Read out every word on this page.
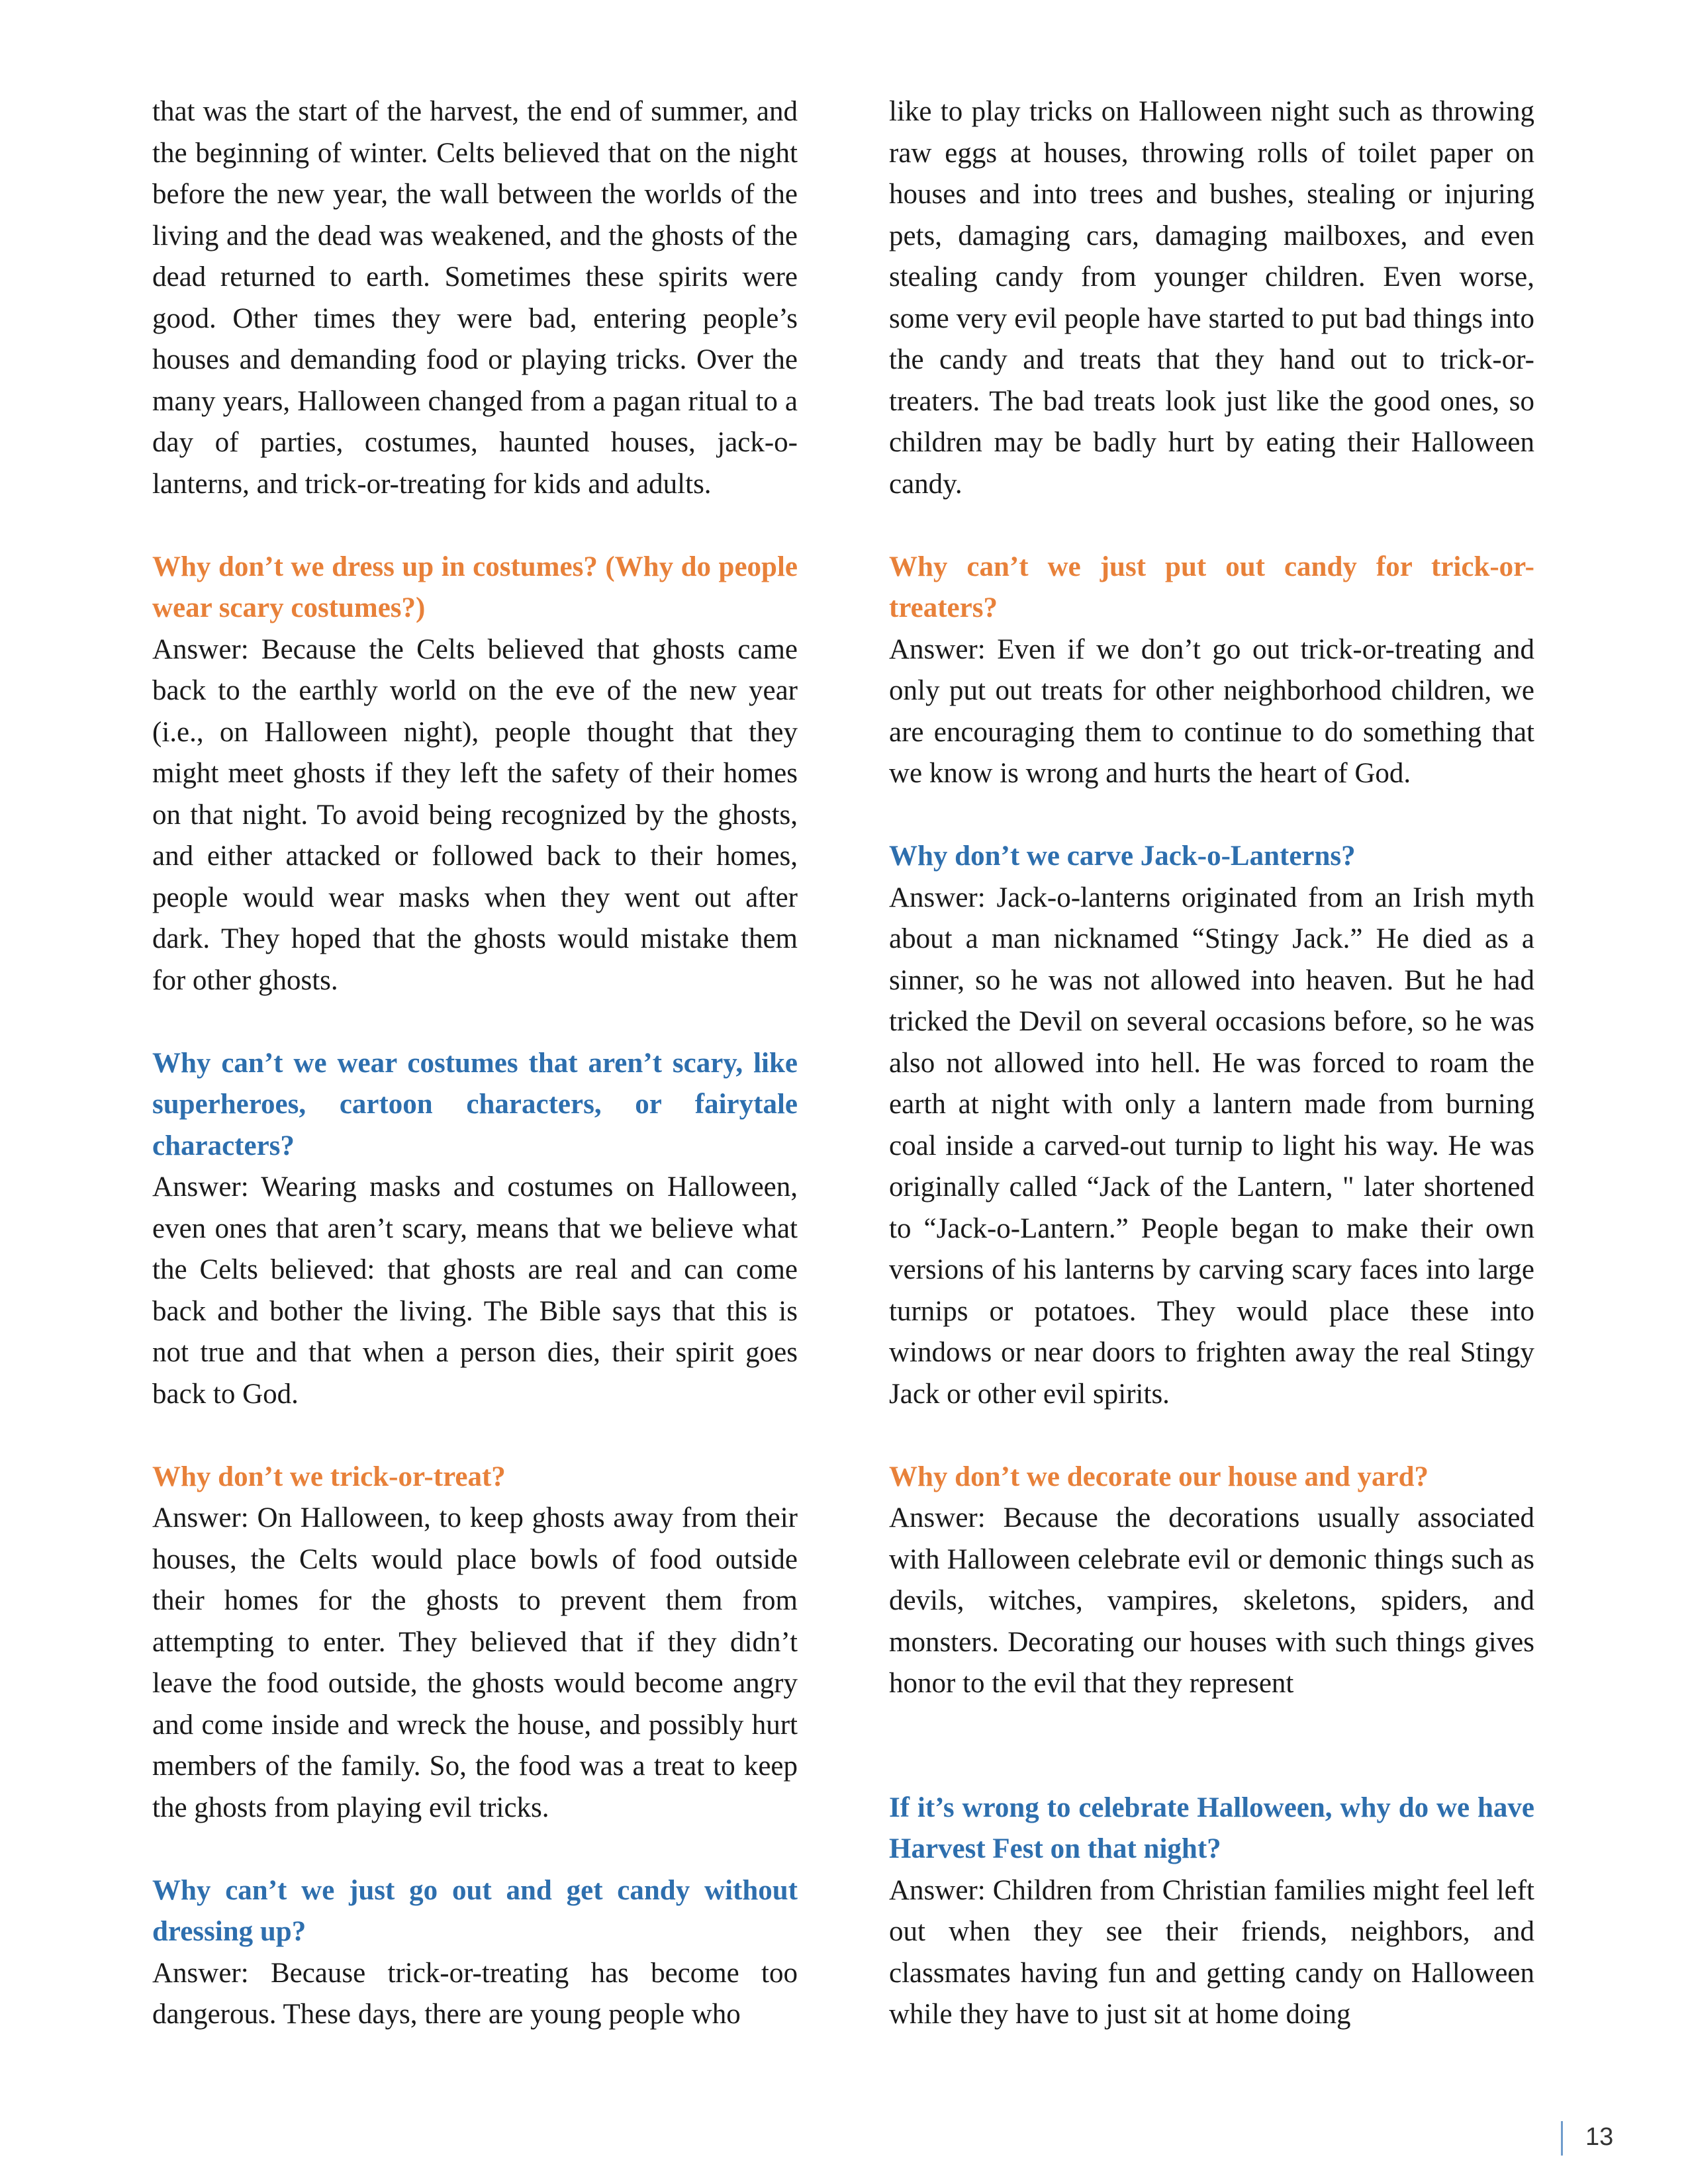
that was the start of the harvest, the end of summer, and the beginning of winter. Celts believed that on the night before the new year, the wall between the worlds of the living and the dead was weakened, and the ghosts of the dead returned to earth. Sometimes these spirits were good. Other times they were bad, entering people’s houses and demanding food or playing tricks. Over the many years, Halloween changed from a pagan ritual to a day of parties, costumes, haunted houses, jack-o-lanterns, and trick-or-treating for kids and adults.

Why don’t we dress up in costumes? (Why do people wear scary costumes?)

Answer: Because the Celts believed that ghosts came back to the earthly world on the eve of the new year (i.e., on Halloween night), people thought that they might meet ghosts if they left the safety of their homes on that night. To avoid being recognized by the ghosts, and either attacked or followed back to their homes, people would wear masks when they went out after dark. They hoped that the ghosts would mistake them for other ghosts.

Why can’t we wear costumes that aren’t scary, like superheroes, cartoon characters, or fairytale characters?

Answer: Wearing masks and costumes on Halloween, even ones that aren’t scary, means that we believe what the Celts believed: that ghosts are real and can come back and bother the living. The Bible says that this is not true and that when a person dies, their spirit goes back to God.

Why don’t we trick-or-treat?

Answer: On Halloween, to keep ghosts away from their houses, the Celts would place bowls of food outside their homes for the ghosts to prevent them from attempting to enter. They believed that if they didn’t leave the food outside, the ghosts would become angry and come inside and wreck the house, and possibly hurt members of the family. So, the food was a treat to keep the ghosts from playing evil tricks.

Why can’t we just go out and get candy without dressing up?

Answer: Because trick-or-treating has become too dangerous. These days, there are young people who

like to play tricks on Halloween night such as throwing raw eggs at houses, throwing rolls of toilet paper on houses and into trees and bushes, stealing or injuring pets, damaging cars, damaging mailboxes, and even stealing candy from younger children. Even worse, some very evil people have started to put bad things into the candy and treats that they hand out to trick-or-treaters. The bad treats look just like the good ones, so children may be badly hurt by eating their Halloween candy.

Why can’t we just put out candy for trick-or-treaters?

Answer: Even if we don’t go out trick-or-treating and only put out treats for other neighborhood children, we are encouraging them to continue to do something that we know is wrong and hurts the heart of God.

Why don’t we carve Jack-o-Lanterns?

Answer: Jack-o-lanterns originated from an Irish myth about a man nicknamed “Stingy Jack.” He died as a sinner, so he was not allowed into heaven. But he had tricked the Devil on several occasions before, so he was also not allowed into hell. He was forced to roam the earth at night with only a lantern made from burning coal inside a carved-out turnip to light his way. He was originally called “Jack of the Lantern, " later shortened to “Jack-o-Lantern.” People began to make their own versions of his lanterns by carving scary faces into large turnips or potatoes. They would place these into windows or near doors to frighten away the real Stingy Jack or other evil spirits.

Why don’t we decorate our house and yard?

Answer: Because the decorations usually associated with Halloween celebrate evil or demonic things such as devils, witches, vampires, skeletons, spiders, and monsters. Decorating our houses with such things gives honor to the evil that they represent

If it’s wrong to celebrate Halloween, why do we have Harvest Fest on that night?

Answer: Children from Christian families might feel left out when they see their friends, neighbors, and classmates having fun and getting candy on Halloween while they have to just sit at home doing

13
